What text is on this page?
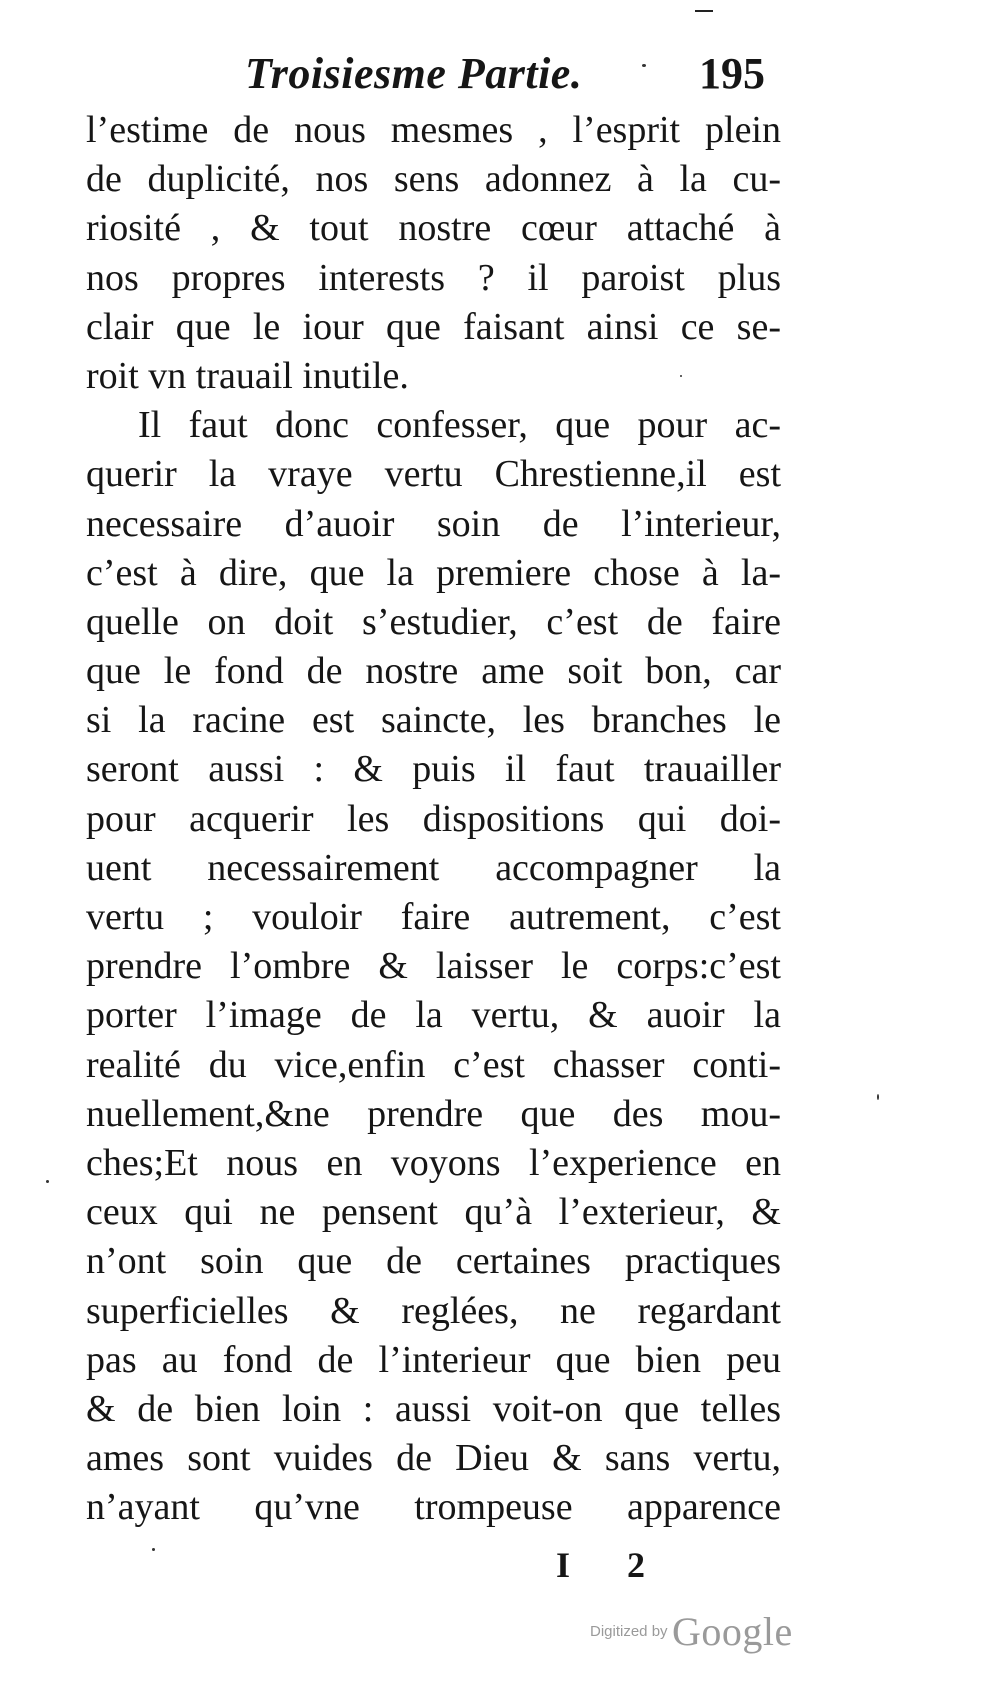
Troisiesme Partie.	195
l’estime de nous mesmes , l’esprit plein
de duplicité, nos sens adonnez à la cu-
riosité , & tout nostre cœur attaché à
nos propres interests ? il paroist plus
clair que le iour que faisant ainsi ce se-
roit vn trauail inutile.
Il faut donc confesser, que pour ac-
querir la vraye vertu Chrestienne,il est
necessaire d’auoir soin de l’interieur,
c’est à dire, que la premiere chose à la-
quelle on doit s’estudier, c’est de faire
que le fond de nostre ame soit bon, car
si la racine est saincte, les branches le
seront aussi : & puis il faut trauailler
pour acquerir les dispositions qui doi-
uent necessairement accompagner la
vertu ; vouloir faire autrement, c’est
prendre l’ombre & laisser le corps:c’est
porter l’image de la vertu, & auoir la
realité du vice,enfin c’est chasser conti-
nuellement,&ne prendre que des mou-
ches;Et nous en voyons l’experience en
ceux qui ne pensent qu’à l’exterieur, &
n’ont soin que de certaines practiques
superficielles & reglées, ne regardant
pas au fond de l’interieur que bien peu
& de bien loin : aussi voit-on que telles
ames sont vuides de Dieu & sans vertu,
n’ayant qu’vne trompeuse apparence
I 2
Digitized by Google
